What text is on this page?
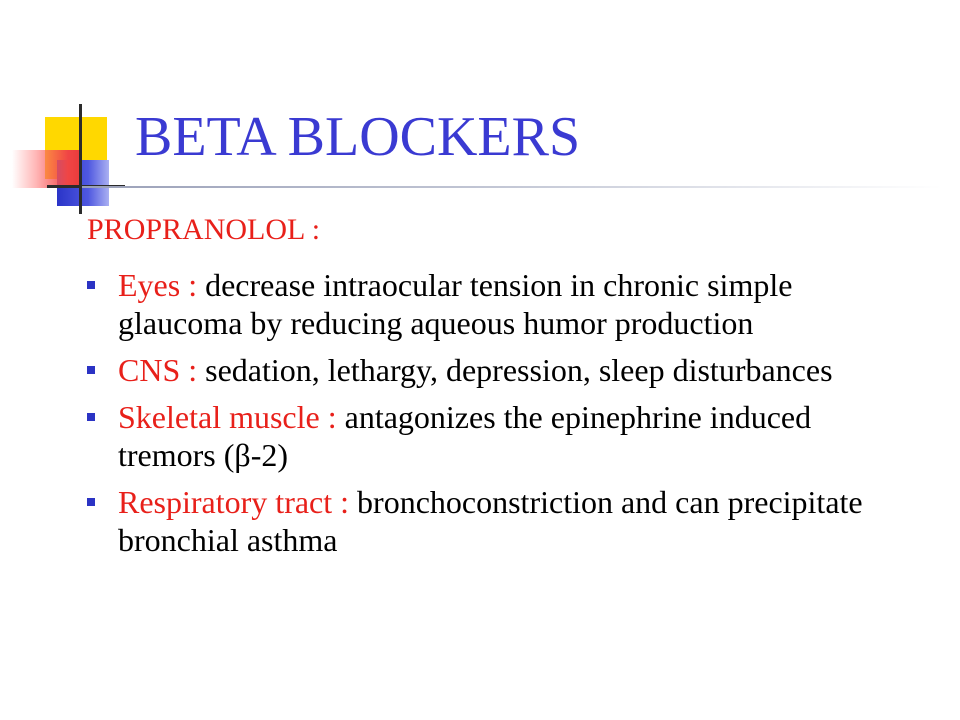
BETA BLOCKERS

PROPRANOLOL :

Eyes : decrease intraocular tension in chronic simple glaucoma by reducing aqueous humor production
CNS : sedation, lethargy, depression, sleep disturbances
Skeletal muscle : antagonizes the epinephrine induced tremors (β-2)
Respiratory tract : bronchoconstriction and can precipitate bronchial asthma
